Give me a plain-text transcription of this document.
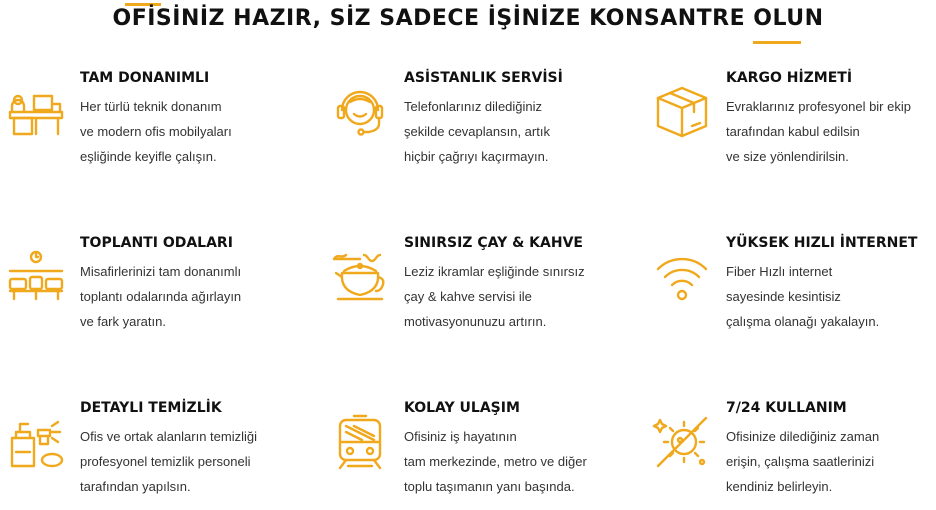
OFİSİNİZ HAZIR, SİZ SADECE İŞİNİZE KONSANTRE OLUN
TAM DONANIMLI

Her türlü teknik donanım
ve modern ofis mobilyaları
eşliğinde keyifle çalışın.

ASİSTANLIK SERVİSİ

Telefonlarınız dilediğiniz
şekilde cevaplansın, artık
hiçbir çağrıyı kaçırmayın.

KARGO HİZMETİ

Evraklarınız profesyonel bir ekip
tarafından kabul edilsin
ve size yönlendirilsin.

TOPLANTI ODALARI

Misafirlerinizi tam donanımlı
toplantı odalarında ağırlayın
ve fark yaratın.

SINIRSIZ ÇAY & KAHVE

Leziz ikramlar eşliğinde sınırsız
çay & kahve servisi ile
motivasyonunuzu artırın.

YÜKSEK HIZLI İNTERNET

Fiber Hızlı internet
sayesinde kesintisiz
çalışma olanağı yakalayın.

DETAYLI TEMİZLİK

Ofis ve ortak alanların temizliği
profesyonel temizlik personeli
tarafından yapılsın.

KOLAY ULAŞIM

Ofisiniz iş hayatının
tam merkezinde, metro ve diğer
toplu taşımanın yanı başında.

7/24 KULLANIM

Ofisinize dilediğiniz zaman
erişin, çalışma saatlerinizi
kendiniz belirleyin.
